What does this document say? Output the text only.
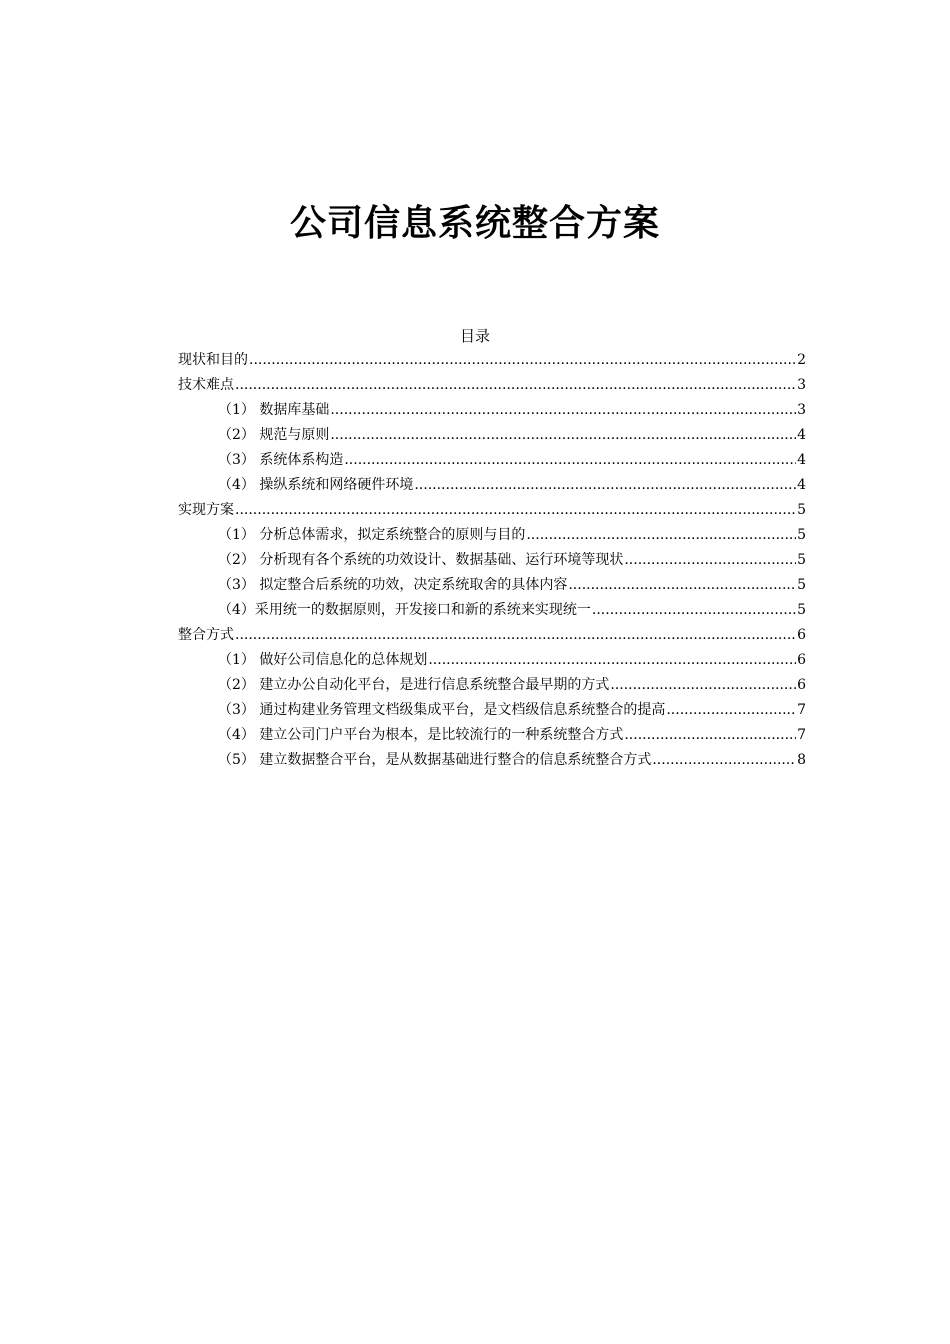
公司信息系统整合方案
目录
现状和目的 .....	2
技术难点 .....	3
（1） 数据库基础 .....	3
（2） 规范与原则 .....	4
（3） 系统体系构造 .....	4
（4） 操纵系统和网络硬件环境 .....	4
实现方案 .....	5
（1） 分析总体需求，拟定系统整合的原则与目的 .....	5
（2） 分析现有各个系统的功效设计、数据基础、运行环境等现状 .....	5
（3） 拟定整合后系统的功效，决定系统取舍的具体内容 .....	5
（4）采用统一的数据原则，开发接口和新的系统来实现统一 .....	5
整合方式 .....	6
（1） 做好公司信息化的总体规划 .....	6
（2） 建立办公自动化平台，是进行信息系统整合最早期的方式 .....	6
（3） 通过构建业务管理文档级集成平台，是文档级信息系统整合的提高 .....	7
（4） 建立公司门户平台为根本，是比较流行的一种系统整合方式 .....	7
（5） 建立数据整合平台，是从数据基础进行整合的信息系统整合方式 .....	8
